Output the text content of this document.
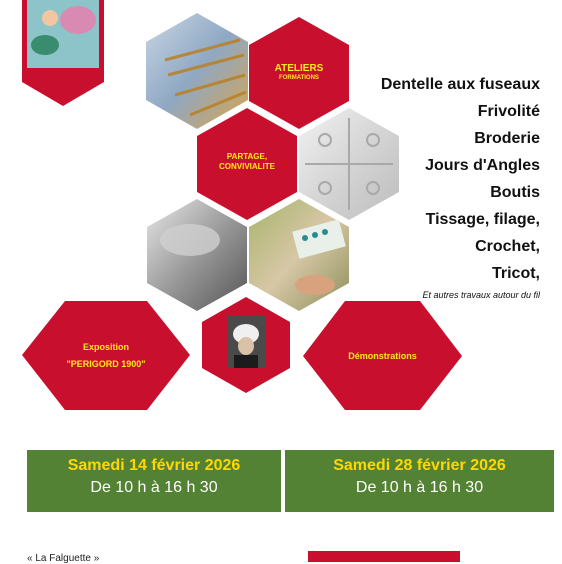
ATELIERS
FORMATIONS
PARTAGE,
CONVIVIALITE
Exposition
"PERIGORD 1900"
Démonstrations
Dentelle aux fuseaux
Frivolité
Broderie
Jours d'Angles
Boutis
Tissage, filage,
Crochet,
Tricot,
Et autres travaux autour du fil
Samedi 14 février 2026
De 10 h à 16 h 30
Samedi 28 février 2026
De 10 h à 16 h 30
« La Falguette »
